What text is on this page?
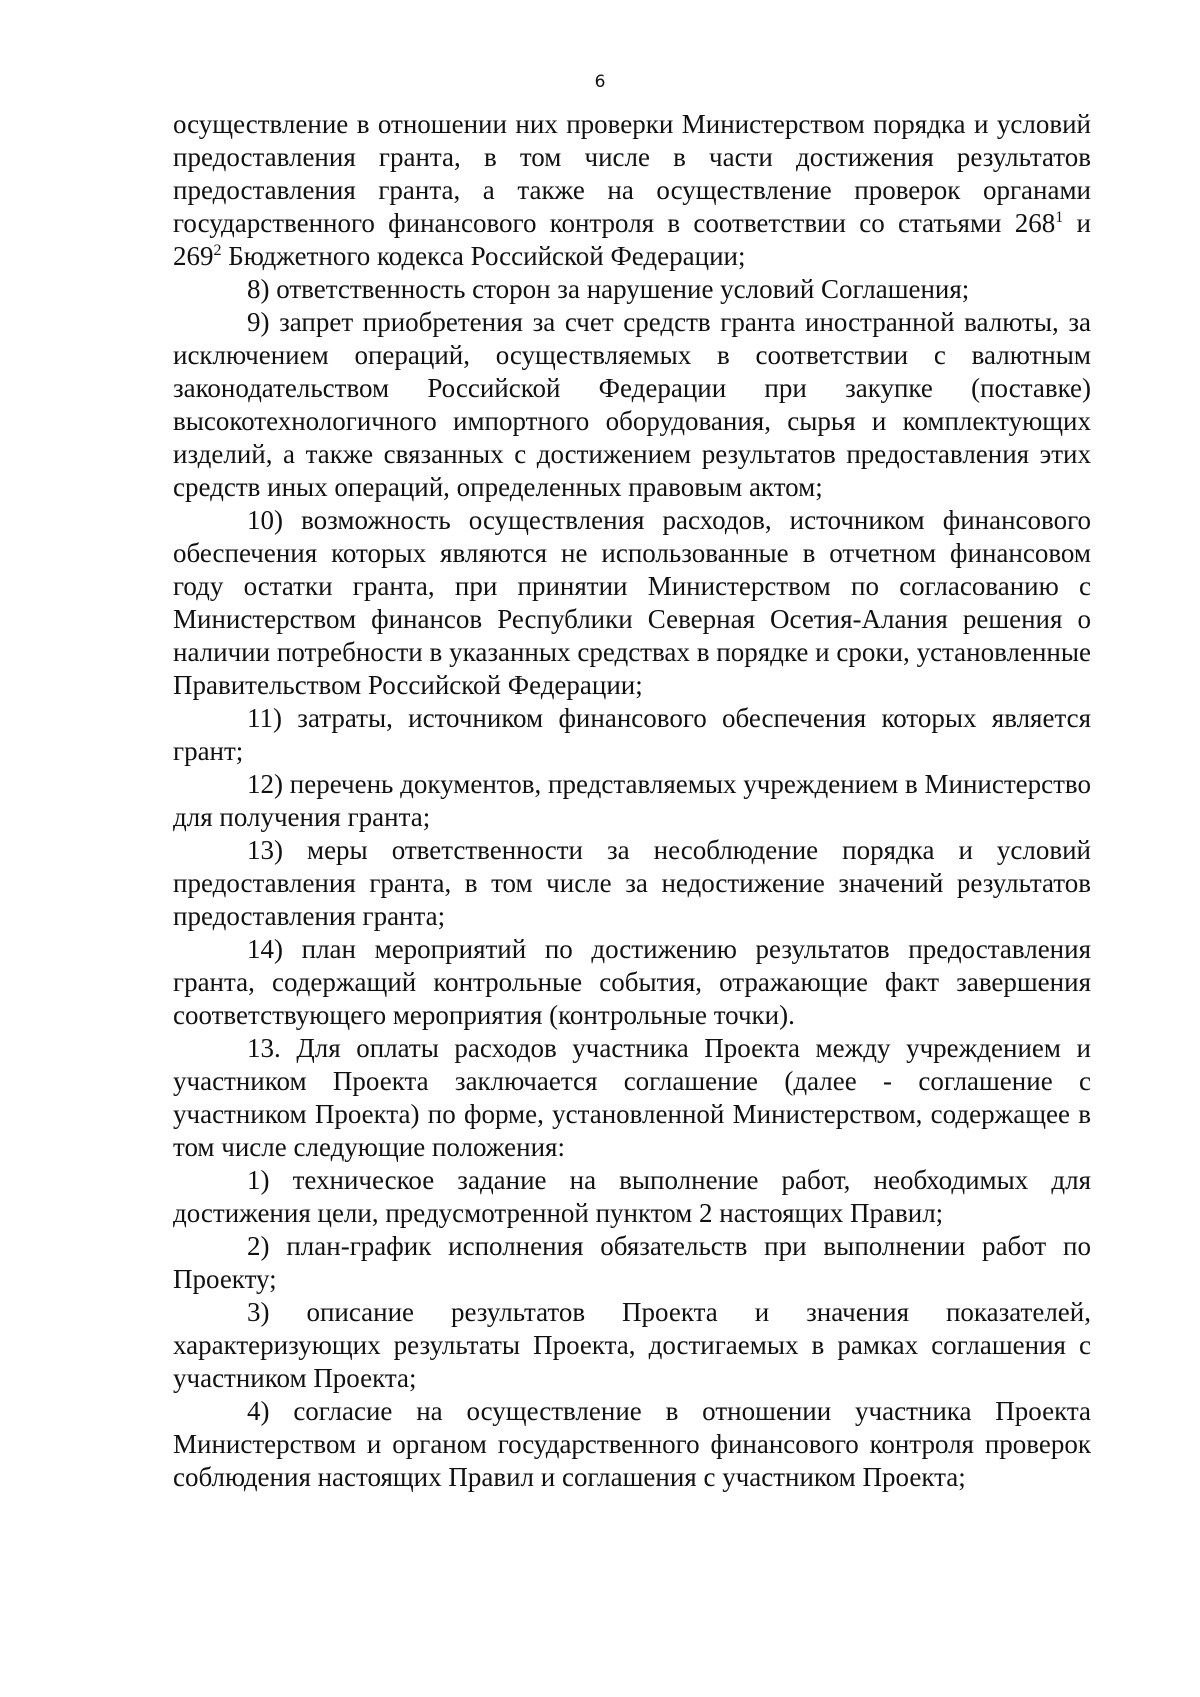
6

осуществление в отношении них проверки Министерством порядка и условий предоставления гранта, в том числе в части достижения результатов предоставления гранта, а также на осуществление проверок органами государственного финансового контроля в соответствии со статьями $268^1$ и $269^2$ Бюджетного кодекса Российской Федерации;

8) ответственность сторон за нарушение условий Соглашения;

9) запрет приобретения за счет средств гранта иностранной валюты, за исключением операций, осуществляемых в соответствии с валютным законодательством Российской Федерации при закупке (поставке) высокотехнологичного импортного оборудования, сырья и комплектующих изделий, а также связанных с достижением результатов предоставления этих средств иных операций, определенных правовым актом;

10) возможность осуществления расходов, источником финансового обеспечения которых являются не использованные в отчетном финансовом году остатки гранта, при принятии Министерством по согласованию с Министерством финансов Республики Северная Осетия-Алания решения о наличии потребности в указанных средствах в порядке и сроки, установленные Правительством Российской Федерации;

11) затраты, источником финансового обеспечения которых является грант;

12) перечень документов, представляемых учреждением в Министерство для получения гранта;

13) меры ответственности за несоблюдение порядка и условий предоставления гранта, в том числе за недостижение значений результатов предоставления гранта;

14) план мероприятий по достижению результатов предоставления гранта, содержащий контрольные события, отражающие факт завершения соответствующего мероприятия (контрольные точки).

13. Для оплаты расходов участника Проекта между учреждением и участником Проекта заключается соглашение (далее - соглашение с участником Проекта) по форме, установленной Министерством, содержащее в том числе следующие положения:

1) техническое задание на выполнение работ, необходимых для достижения цели, предусмотренной пунктом 2 настоящих Правил;

2) план-график исполнения обязательств при выполнении работ по Проекту;

3) описание результатов Проекта и значения показателей, характеризующих результаты Проекта, достигаемых в рамках соглашения с участником Проекта;

4) согласие на осуществление в отношении участника Проекта Министерством и органом государственного финансового контроля проверок соблюдения настоящих Правил и соглашения с участником Проекта;
